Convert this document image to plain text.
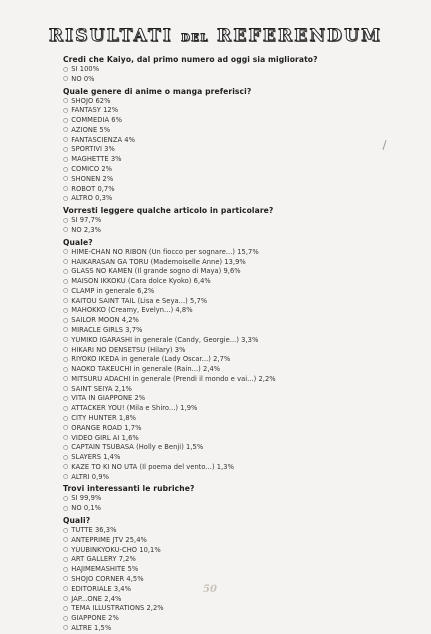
RISULTATI DEL REFERENDUM
Credi che Kaiyo, dal primo numero ad oggi sia migliorato?
○ SI 100%
○ NO 0%
Quale genere di anime o manga preferisci?
○ SHOJO 62%
○ FANTASY 12%
○ COMMEDIA 6%
○ AZIONE 5%
○ FANTASCIENZA 4%
○ SPORTIVI 3%
○ MAGHETTE 3%
○ COMICO 2%
○ SHONEN 2%
○ ROBOT 0,7%
○ ALTRO 0,3%
Vorresti leggere qualche articolo in particolare?
○ SI 97,7%
○ NO 2,3%
Quale?
○ HIME-CHAN NO RIBON (Un fiocco per sognare...) 15,7%
○ HAIKARASAN GA TORU (Mademoiselle Anne) 13,9%
○ GLASS NO KAMEN (Il grande sogno di Maya) 9,6%
○ MAISON IKKOKU (Cara dolce Kyoko) 6,4%
○ CLAMP in generale 6,2%
○ KAITOU SAINT TAIL (Lisa e Seya...) 5,7%
○ MAHOKKO (Creamy, Evelyn...) 4,8%
○ SAILOR MOON 4,2%
○ MIRACLE GIRLS 3,7%
○ YUMIKO IGARASHI in generale (Candy, Georgie...) 3,3%
○ HIKARI NO DENSETSU (Hilary) 3%
○ RIYOKO IKEDA in generale (Lady Oscar...) 2,7%
○ NAOKO TAKEUCHI in generale (Rain...) 2,4%
○ MITSURU ADACHI in generale (Prendi il mondo e vai...) 2,2%
○ SAINT SEIYA 2,1%
○ VITA IN GIAPPONE 2%
○ ATTACKER YOU! (Mila e Shiro...) 1,9%
○ CITY HUNTER 1,8%
○ ORANGE ROAD 1,7%
○ VIDEO GIRL AI 1,6%
○ CAPTAIN TSUBASA (Holly e Benji) 1,5%
○ SLAYERS 1,4%
○ KAZE TO KI NO UTA (Il poema del vento...) 1,3%
○ ALTRI 0,9%
Trovi interessanti le rubriche?
○ SI 99,9%
○ NO 0,1%
Quali?
○ TUTTE 36,3%
○ ANTEPRIME JTV 25,4%
○ YUUBINKYOKU-CHO 10,1%
○ ART GALLERY 7,2%
○ HAJIMEMASHITE 5%
○ SHOJO CORNER 4,5%
○ EDITORIALE 3,4%
○ JAP...ONE 2,4%
○ TEMA ILLUSTRATIONS 2,2%
○ GIAPPONE 2%
○ ALTRE 1,5%
50
